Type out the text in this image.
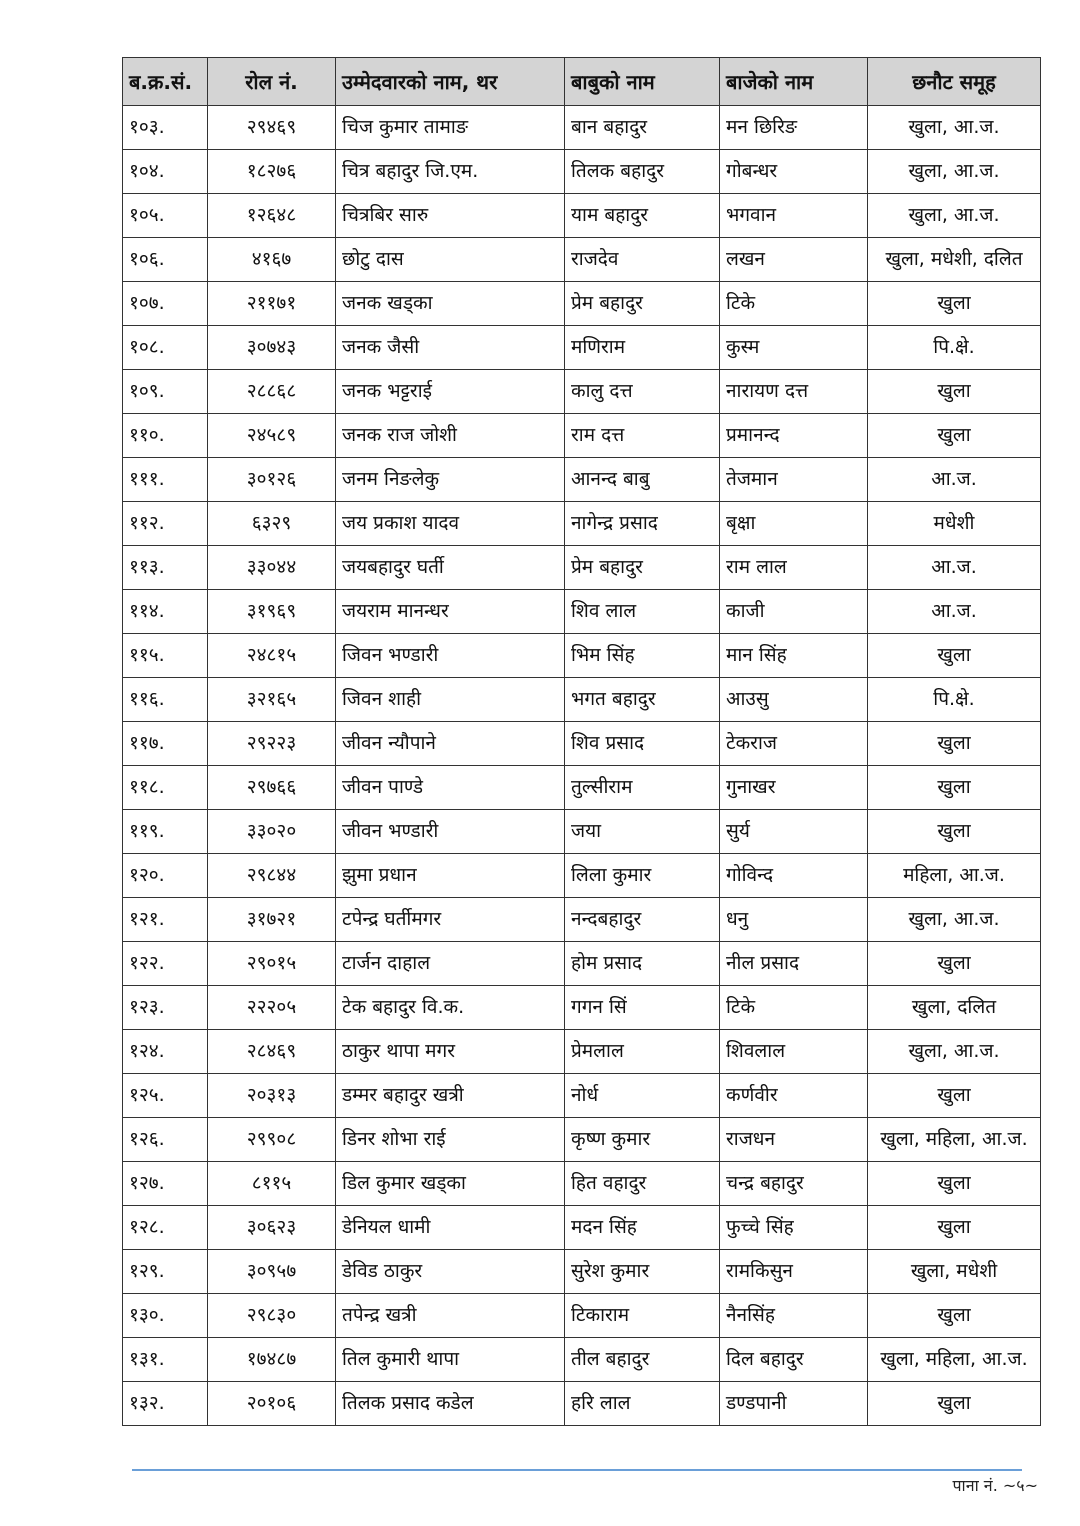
ब.क्र.सं.	रोल नं.	उम्मेदवारको नाम, थर	बाबुको नाम	बाजेको नाम	छनौट समूह
१०३.	२९४६९	चिज कुमार तामाङ	बान बहादुर	मन छिरिङ	खुला, आ.ज.
१०४.	१८२७६	चित्र बहादुर जि.एम.	तिलक बहादुर	गोबन्धर	खुला, आ.ज.
१०५.	१२६४८	चित्रबिर सारु	याम बहादुर	भगवान	खुला, आ.ज.
१०६.	४१६७	छोटु दास	राजदेव	लखन	खुला, मधेशी, दलित
१०७.	२११७१	जनक खड्का	प्रेम बहादुर	टिके	खुला
१०८.	३०७४३	जनक जैसी	मणिराम	कुस्म	पि.क्षे.
१०९.	२८८६८	जनक भट्टराई	कालु दत्त	नारायण दत्त	खुला
११०.	२४५८९	जनक राज जोशी	राम दत्त	प्रमानन्द	खुला
१११.	३०१२६	जनम निङलेकु	आनन्द बाबु	तेजमान	आ.ज.
११२.	६३२९	जय प्रकाश यादव	नागेन्द्र प्रसाद	बृक्षा	मधेशी
११३.	३३०४४	जयबहादुर घर्ती	प्रेम बहादुर	राम लाल	आ.ज.
११४.	३१९६९	जयराम मानन्धर	शिव लाल	काजी	आ.ज.
११५.	२४८१५	जिवन भण्डारी	भिम सिंह	मान सिंह	खुला
११६.	३२१६५	जिवन शाही	भगत बहादुर	आउसु	पि.क्षे.
११७.	२९२२३	जीवन न्यौपाने	शिव प्रसाद	टेकराज	खुला
११८.	२९७६६	जीवन पाण्डे	तुल्सीराम	गुनाखर	खुला
११९.	३३०२०	जीवन भण्डारी	जया	सुर्य	खुला
१२०.	२९८४४	झुमा प्रधान	लिला कुमार	गोविन्द	महिला, आ.ज.
१२१.	३१७२१	टपेन्द्र घर्तीमगर	नन्दबहादुर	धनु	खुला, आ.ज.
१२२.	२९०१५	टार्जन दाहाल	होम प्रसाद	नील प्रसाद	खुला
१२३.	२२२०५	टेक बहादुर वि.क.	गगन सिं	टिके	खुला, दलित
१२४.	२८४६९	ठाकुर थापा मगर	प्रेमलाल	शिवलाल	खुला, आ.ज.
१२५.	२०३१३	डम्मर बहादुर खत्री	नोर्ध	कर्णवीर	खुला
१२६.	२९९०८	डिनर शोभा राई	कृष्ण कुमार	राजधन	खुला, महिला, आ.ज.
१२७.	८११५	डिल कुमार खड्का	हित वहादुर	चन्द्र बहादुर	खुला
१२८.	३०६२३	डेनियल धामी	मदन सिंह	फुच्चे सिंह	खुला
१२९.	३०९५७	डेविड ठाकुर	सुरेश कुमार	रामकिसुन	खुला, मधेशी
१३०.	२९८३०	तपेन्द्र खत्री	टिकाराम	नैनसिंह	खुला
१३१.	१७४८७	तिल कुमारी थापा	तील बहादुर	दिल बहादुर	खुला, महिला, आ.ज.
१३२.	२०१०६	तिलक प्रसाद कडेल	हरि लाल	डण्डपानी	खुला
पाना नं. ~५~
